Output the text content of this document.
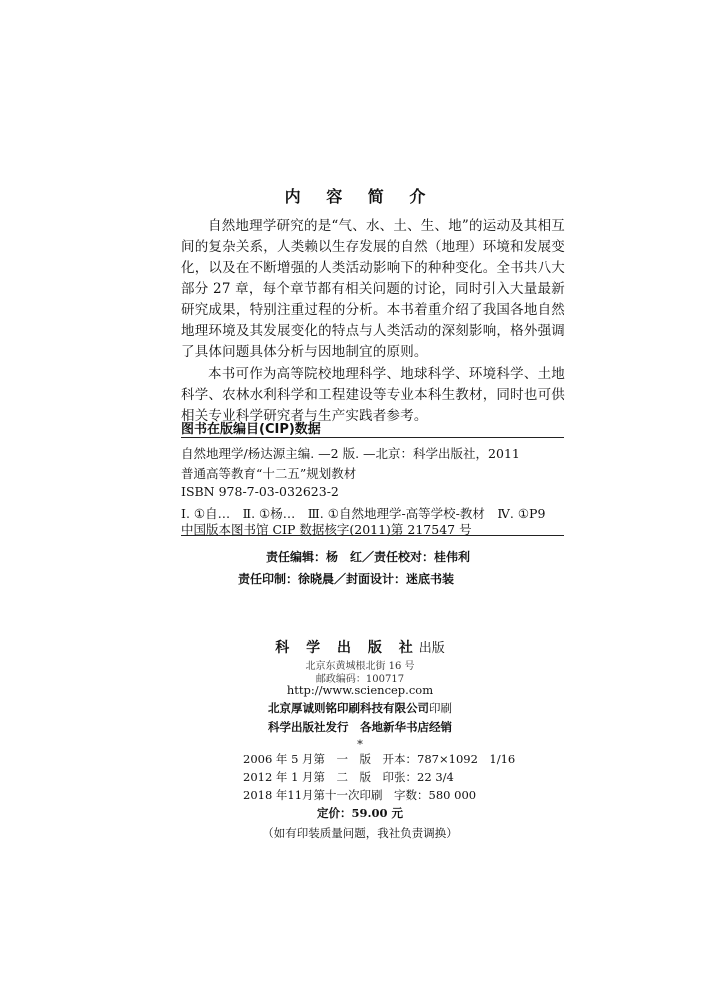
内 容 简 介

自然地理学研究的是“气、水、土、生、地”的运动及其相互间的复杂关系，人类赖以生存发展的自然（地理）环境和发展变化，以及在不断增强的人类活动影响下的种种变化。全书共八大部分 27 章，每个章节都有相关问题的讨论，同时引入大量最新研究成果，特别注重过程的分析。本书着重介绍了我国各地自然地理环境及其发展变化的特点与人类活动的深刻影响，格外强调了具体问题具体分析与因地制宜的原则。

本书可作为高等院校地理科学、地球科学、环境科学、土地科学、农林水利科学和工程建设等专业本科生教材，同时也可供相关专业科学研究者与生产实践者参考。

图书在版编目(CIP)数据
自然地理学/杨达源主编. —2 版. —北京：科学出版社，2011
普通高等教育“十二五”规划教材
ISBN 978-7-03-032623-2
Ⅰ. ①自…　Ⅱ. ①杨…　Ⅲ. ①自然地理学-高等学校-教材　Ⅳ. ①P9
中国版本图书馆 CIP 数据核字(2011)第 217547 号
责任编辑：杨　红／责任校对：桂伟利
责任印制：徐晓晨／封面设计：迷底书装
科 学 出 版 社出版
北京东黄城根北街 16 号
邮政编码：100717
http://www.sciencep.com
北京厚诚则铭印刷科技有限公司印刷
科学出版社发行　各地新华书店经销
*
2006 年 5 月第　一　版　开本：787×1092　1/16
2012 年 1 月第　二　版　印张：22 3/4
2018 年11月第十一次印刷　字数：580 000
定价：59.00 元
（如有印装质量问题，我社负责调换）
